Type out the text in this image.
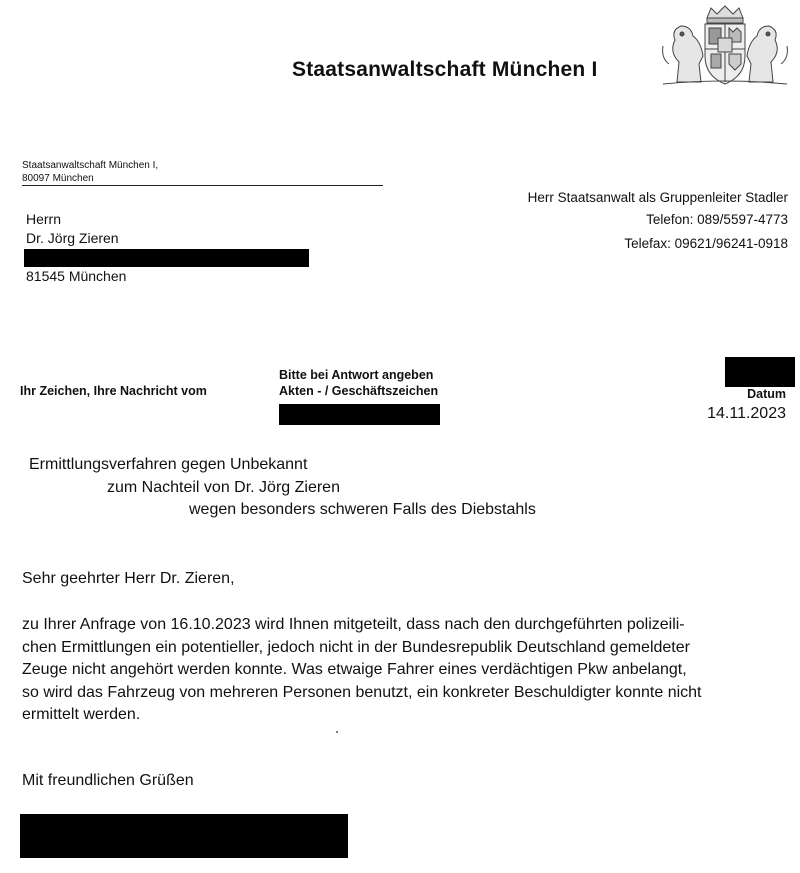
Staatsanwaltschaft München I
Staatsanwaltschaft München I,
80097 München
Herrn
Dr. Jörg Zieren
81545 München
Herr Staatsanwalt als Gruppenleiter Stadler
Telefon: 089/5597-4773
Telefax: 09621/96241-0918
Ihr Zeichen, Ihre Nachricht vom
Bitte bei Antwort angeben
Akten - / Geschäftszeichen	Datum
14.11.2023
Ermittlungsverfahren gegen Unbekannt
zum Nachteil von Dr. Jörg Zieren
wegen besonders schweren Falls des Diebstahls
Sehr geehrter Herr Dr. Zieren,
zu Ihrer Anfrage von 16.10.2023 wird Ihnen mitgeteilt, dass nach den durchgeführten polizeili-
chen Ermittlungen ein potentieller, jedoch nicht in der Bundesrepublik Deutschland gemeldeter
Zeuge nicht angehört werden konnte. Was etwaige Fahrer eines verdächtigen Pkw anbelangt,
so wird das Fahrzeug von mehreren Personen benutzt, ein konkreter Beschuldigter konnte nicht
ermittelt werden.
Mit freundlichen Grüßen
